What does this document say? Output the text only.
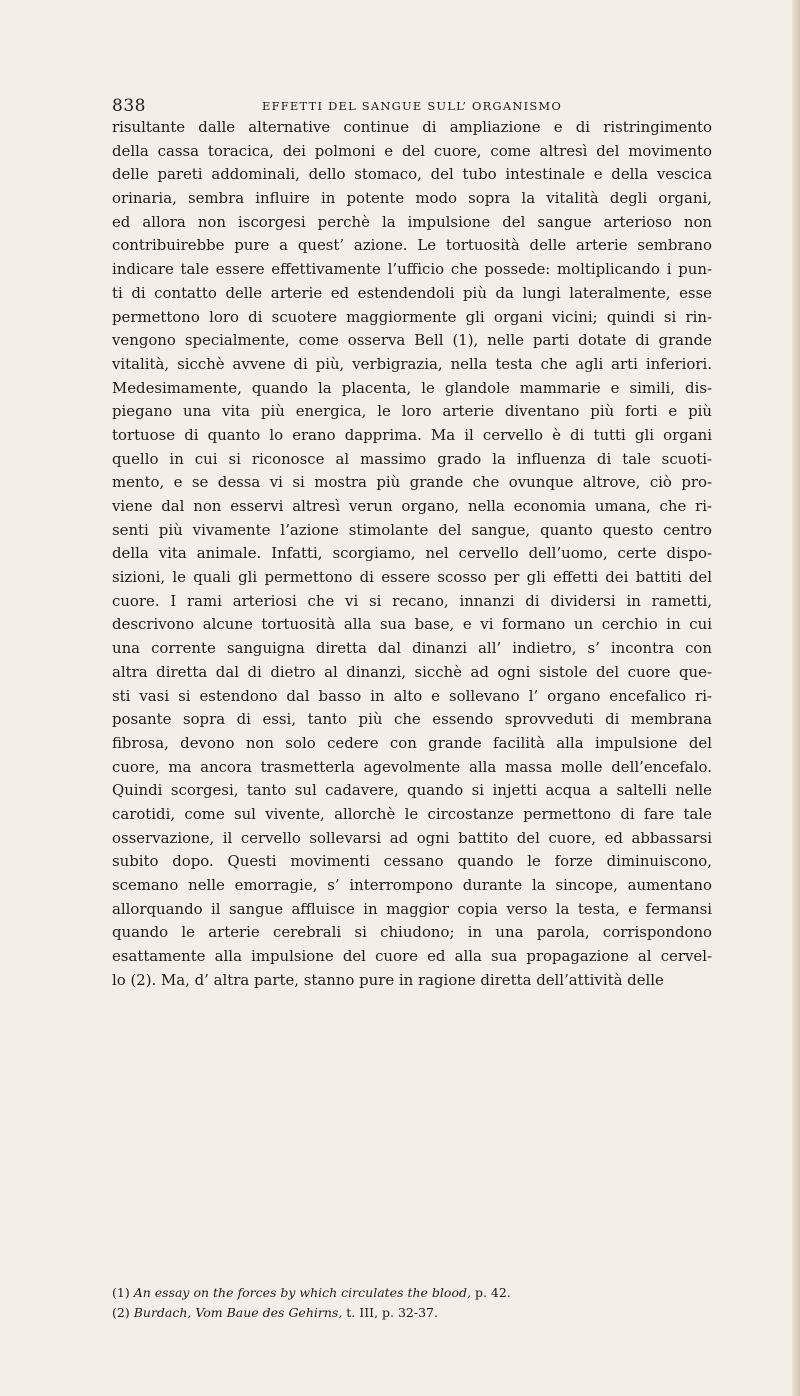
838	EFFETTI DEL SANGUE SULL’ ORGANISMO
risultante dalle alternative continue di ampliazione e di ristringimento
della cassa toracica, dei polmoni e del cuore, come altresì del movimento
delle pareti addominali, dello stomaco, del tubo intestinale e della vescica
orinaria, sembra influire in potente modo sopra la vitalità degli organi,
ed allora non iscorgesi perchè la impulsione del sangue arterioso non
contribuirebbe pure a quest’ azione. Le tortuosità delle arterie sembrano
indicare tale essere effettivamente l’ufficio che possede: moltiplicando i pun-
ti di contatto delle arterie ed estendendoli più da lungi lateralmente, esse
permettono loro di scuotere maggiormente gli organi vicini; quindi si rin-
vengono specialmente, come osserva Bell (1), nelle parti dotate di grande
vitalità, sicchè avvene di più, verbigrazia, nella testa che agli arti inferiori.
Medesimamente, quando la placenta, le glandole mammarie e simili, dis-
piegano una vita più energica, le loro arterie diventano più forti e più
tortuose di quanto lo erano dapprima. Ma il cervello è di tutti gli organi
quello in cui si riconosce al massimo grado la influenza di tale scuoti-
mento, e se dessa vi si mostra più grande che ovunque altrove, ciò pro-
viene dal non esservi altresì verun organo, nella economia umana, che ri-
senti più vivamente l’azione stimolante del sangue, quanto questo centro
della vita animale. Infatti, scorgiamo, nel cervello dell’uomo, certe dispo-
sizioni, le quali gli permettono di essere scosso per gli effetti dei battiti del
cuore. I rami arteriosi che vi si recano, innanzi di dividersi in rametti,
descrivono alcune tortuosità alla sua base, e vi formano un cerchio in cui
una corrente sanguigna diretta dal dinanzi all’ indietro, s’ incontra con
altra diretta dal di dietro al dinanzi, sicchè ad ogni sistole del cuore que-
sti vasi si estendono dal basso in alto e sollevano l’ organo encefalico ri-
posante sopra di essi, tanto più che essendo sprovveduti di membrana
fibrosa, devono non solo cedere con grande facilità alla impulsione del
cuore, ma ancora trasmetterla agevolmente alla massa molle dell’encefalo.
Quindi scorgesi, tanto sul cadavere, quando si injetti acqua a saltelli nelle
carotidi, come sul vivente, allorchè le circostanze permettono di fare tale
osservazione, il cervello sollevarsi ad ogni battito del cuore, ed abbassarsi
subito dopo. Questi movimenti cessano quando le forze diminuiscono,
scemano nelle emorragie, s’ interrompono durante la sincope, aumentano
allorquando il sangue affluisce in maggior copia verso la testa, e fermansi
quando le arterie cerebrali si chiudono; in una parola, corrispondono
esattamente alla impulsione del cuore ed alla sua propagazione al cervel-
lo (2). Ma, d’ altra parte, stanno pure in ragione diretta dell’attività delle
(1) An essay on the forces by which circulates the blood, p. 42.
(2) Burdach, Vom Baue des Gehirns, t. III, p. 32-37.
